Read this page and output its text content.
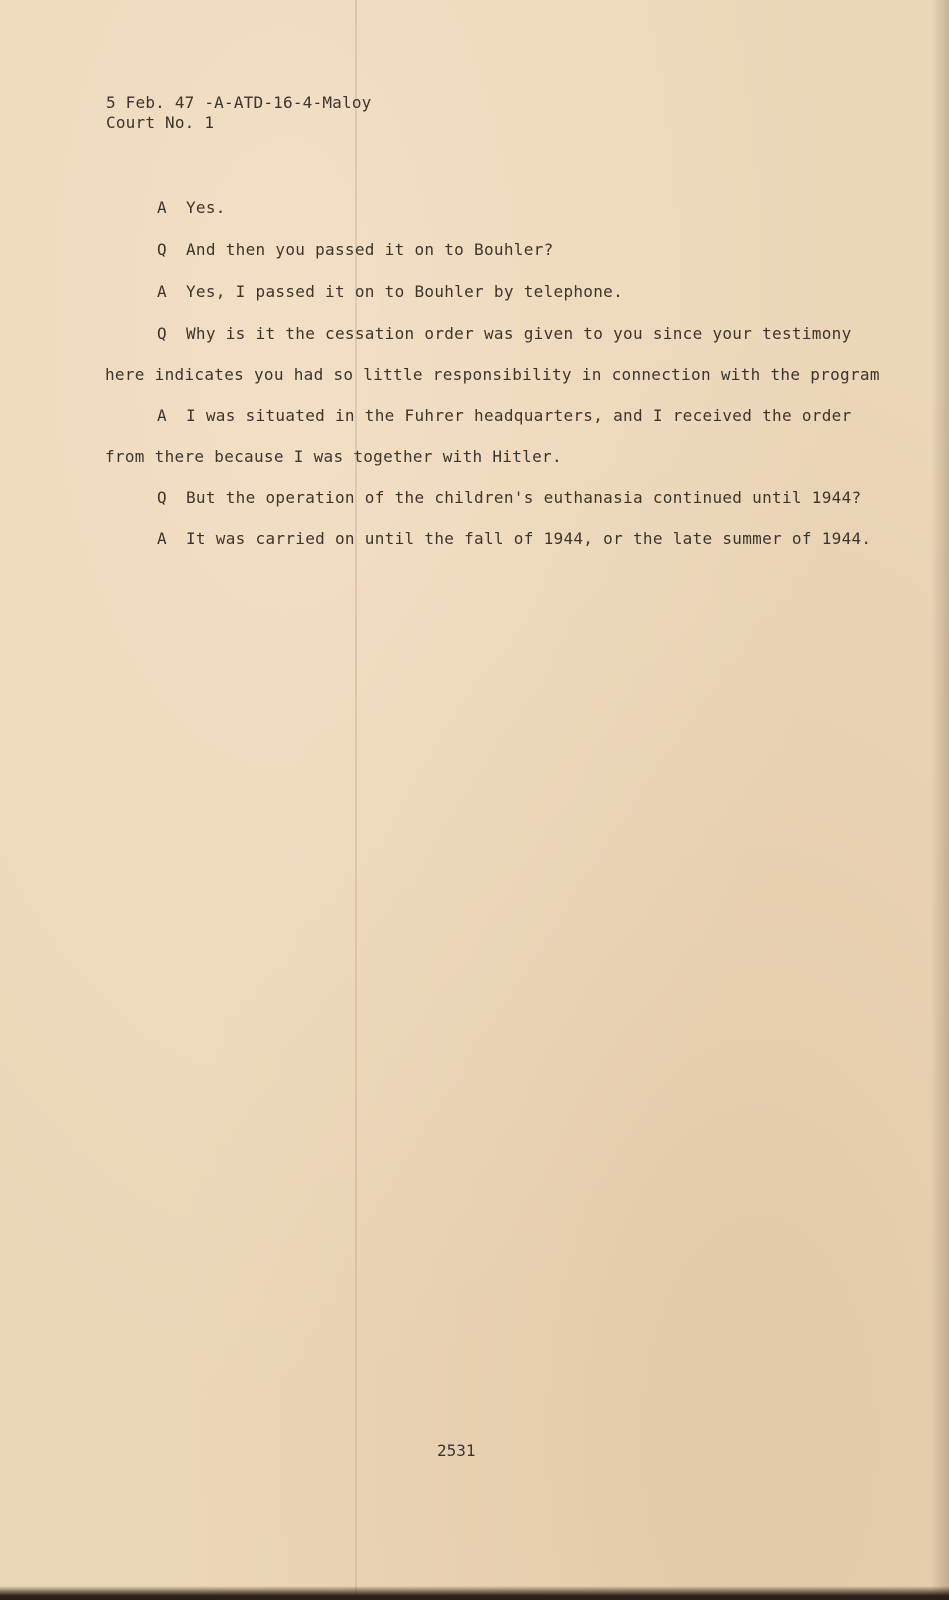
5 Feb. 47 -A-ATD-16-4-Maloy
Court No. 1
A Yes.
Q And then you passed it on to Bouhler?
A Yes, I passed it on to Bouhler by telephone.
Q Why is it the cessation order was given to you since your testimony
here indicates you had so little responsibility in connection with the program
A I was situated in the Fuhrer headquarters, and I received the order
from there because I was together with Hitler.
Q But the operation of the children's euthanasia continued until 1944?
A It was carried on until the fall of 1944, or the late summer of 1944.
2531
